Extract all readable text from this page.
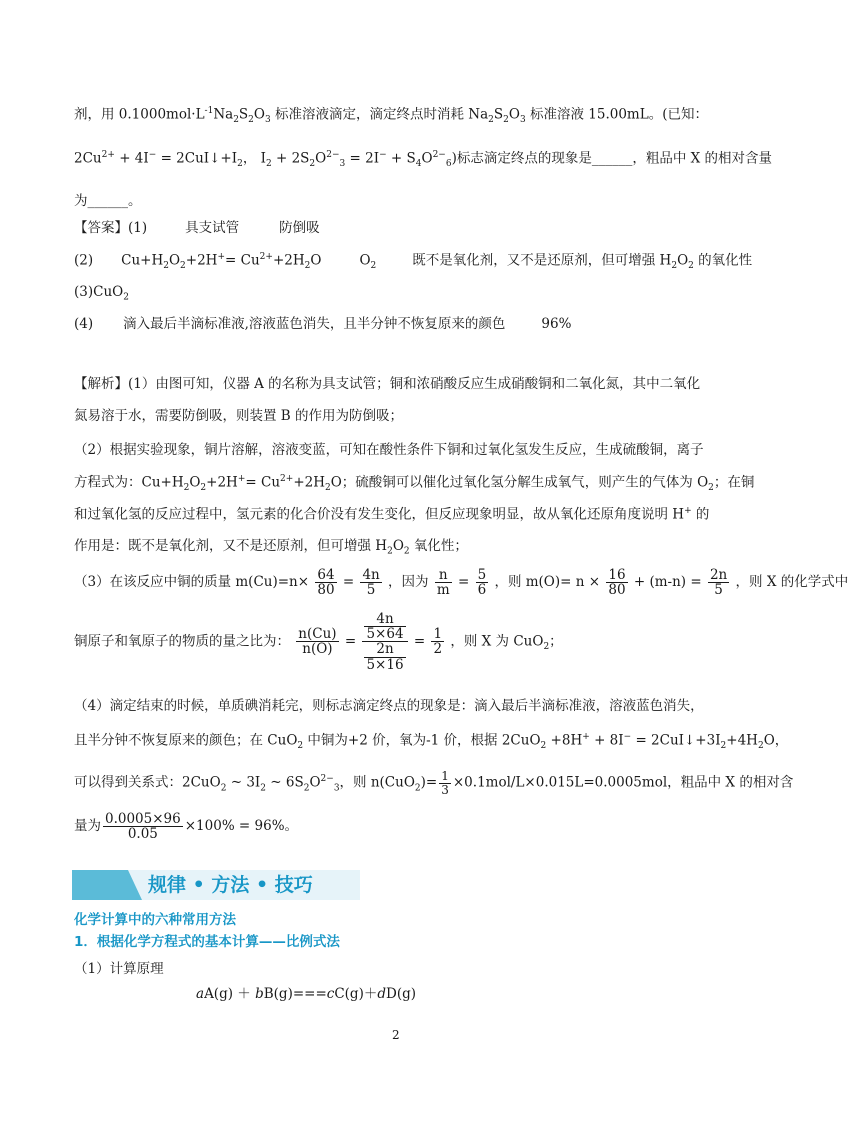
剂，用 $0.1000mol\cdot L^{-1}Na_2S_2O_3$ 标准溶液滴定，滴定终点时消耗 $Na_2S_2O_3$ 标准溶液 15.00mL。(已知：
$2Cu^{2+} + 4I^-$ = $2CuI↓+I_2$， $I_2 + 2S_2O^{2-}_3 = 2I^- + S_4O^{2-}_6$)标志滴定终点的现象是______，粗品中 X 的相对含量
为______。
【答案】(1)	具支试管	防倒吸
(2) $Cu+H_2O_2+2H^+= Cu^{2+}+2H_2O$	$O_2$	既不是氧化剂，又不是还原剂，但可增强 $H_2O_2$ 的氧化性
(3)CuO$_2$
(4) 滴入最后半滴标准液,溶液蓝色消失，且半分钟不恢复原来的颜色	96%
【解析】(1）由图可知，仪器 A 的名称为具支试管；铜和浓硝酸反应生成硝酸铜和二氧化氮，其中二氧化
氮易溶于水，需要防倒吸，则装置 B 的作用为防倒吸；
（2）根据实验现象，铜片溶解，溶液变蓝，可知在酸性条件下铜和过氧化氢发生反应，生成硫酸铜，离子
方程式为：$Cu+H_2O_2+2H^+= Cu^{2+}+2H_2O$；硫酸铜可以催化过氧化氢分解生成氧气，则产生的气体为 $O_2$；在铜
和过氧化氢的反应过程中，氢元素的化合价没有发生变化，但反应现象明显，故从氧化还原角度说明 H+ 的
作用是：既不是氧化剂，又不是还原剂，但可增强 $H_2O_2$ 氧化性；
（3）在该反应中铜的质量 $m(Cu)=n\times \frac{64}{80} = \frac{4n}{5}$ ，因为 $\frac{n}{m} = \frac{5}{6}$ ，则 $m(O)= n \times \frac{16}{80} + (m-n) = \frac{2n}{5}$ ，则 X 的化学式中
铜原子和氧原子的物质的量之比为： $\frac{n(Cu)}{n(O)} = \frac{\frac{4n}{5\times 64}}{\frac{2n}{5\times 16}} = \frac{1}{2}$ ，则 X 为 CuO$_2$；
（4）滴定结束的时候，单质碘消耗完，则标志滴定终点的现象是：滴入最后半滴标准液，溶液蓝色消失，
且半分钟不恢复原来的颜色；在 CuO$_2$ 中铜为+2 价，氧为-1 价，根据 $2CuO_2 +8H^+ + 8I^- = 2CuI↓+3I_2+4H_2O$，
可以得到关系式：2CuO$_2$ ~ $3I_2$ ~ $6S_2O^{2-}_3$，则 $n(CuO_2)= \frac{1}{3} \times 0.1mol/L\times 0.015L=0.0005mol$，粗品中 X 的相对含
量为 $\frac{0.0005\times 96}{0.05} \times 100\% = 96\%$。
规律 • 方法 • 技巧
化学计算中的六种常用方法
1．根据化学方程式的基本计算——比例式法
（1）计算原理
aA(g) ＋ bB(g)===cC(g)＋dD(g)
2
